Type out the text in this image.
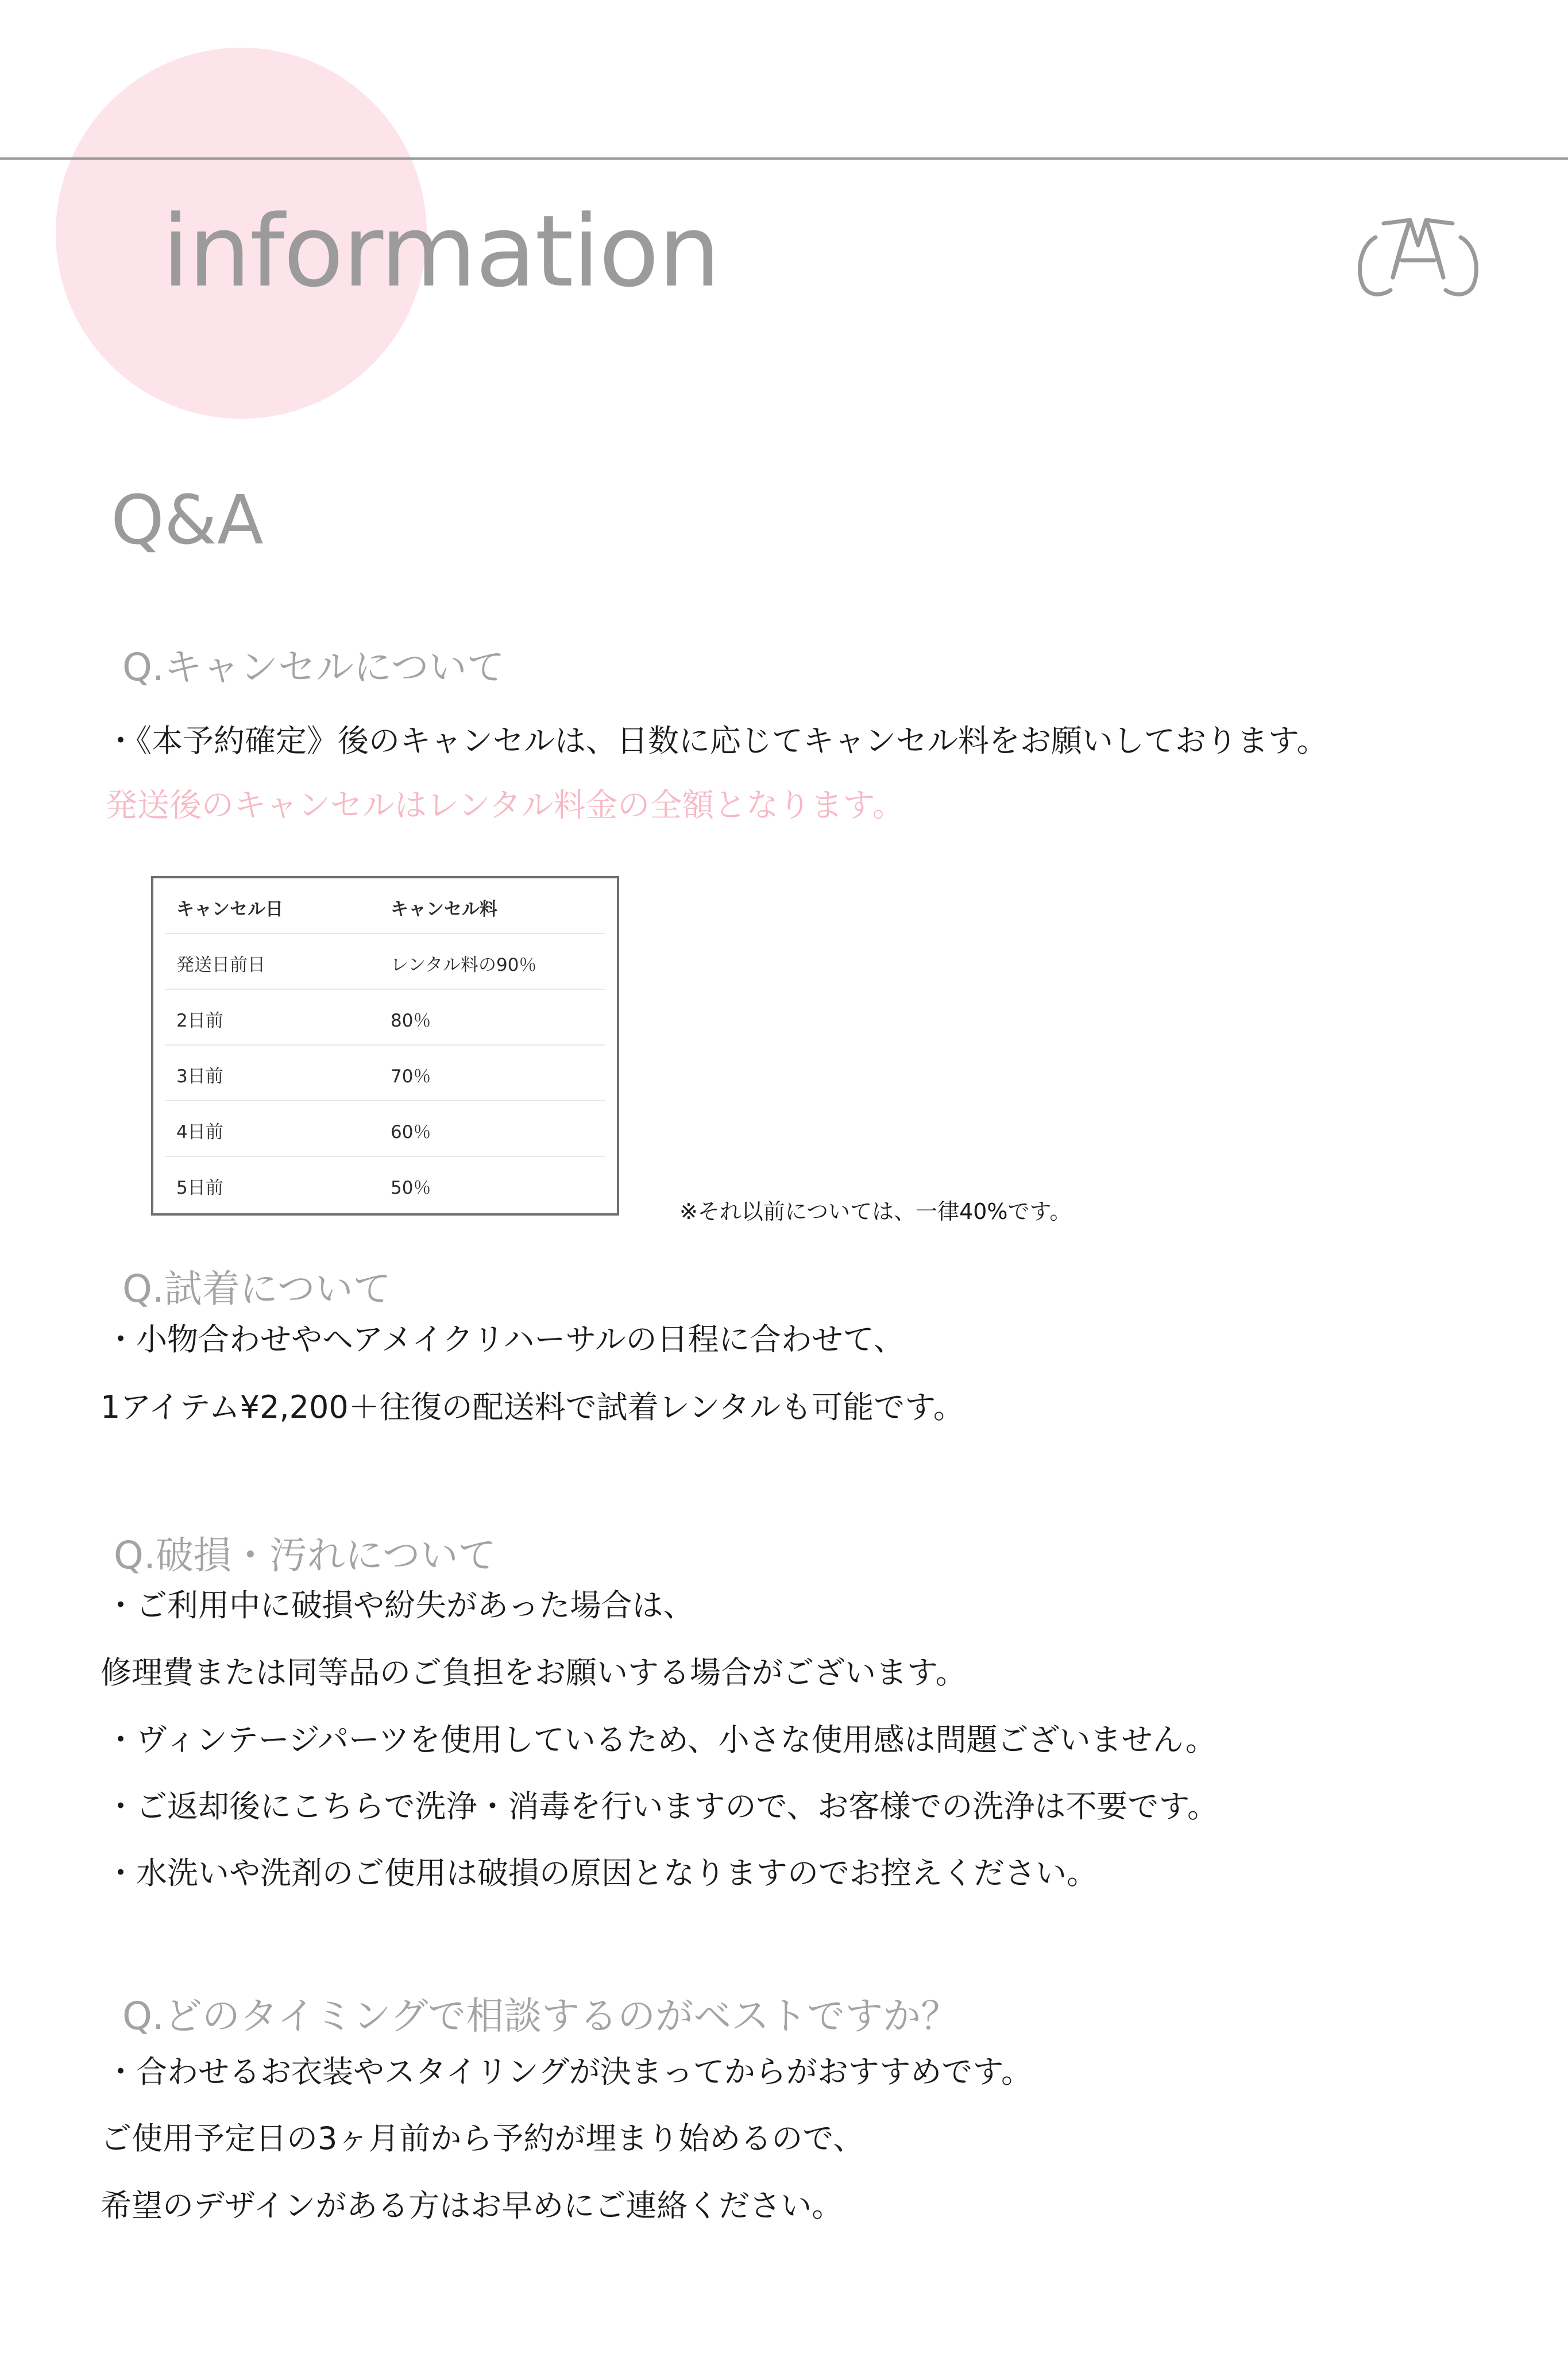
information
Q&A
Q.キャンセルについて
・《本予約確定》後のキャンセルは、日数に応じてキャンセル料をお願いしております。
発送後のキャンセルはレンタル料金の全額となります。
キャンセル日	キャンセル料
発送日前日	レンタル料の90％
2日前	80％
3日前	70％
4日前	60％
5日前	50％
※それ以前については、一律40%です。
Q.試着について
・小物合わせやヘアメイクリハーサルの日程に合わせて、
1アイテム¥2,200＋往復の配送料で試着レンタルも可能です。
Q.破損・汚れについて
・ご利用中に破損や紛失があった場合は、
修理費または同等品のご負担をお願いする場合がございます。
・ヴィンテージパーツを使用しているため、小さな使用感は問題ございません。
・ご返却後にこちらで洗浄・消毒を行いますので、お客様での洗浄は不要です。
・水洗いや洗剤のご使用は破損の原因となりますのでお控えください。
Q.どのタイミングで相談するのがベストですか？
・合わせるお衣装やスタイリングが決まってからがおすすめです。
ご使用予定日の3ヶ月前から予約が埋まり始めるので、
希望のデザインがある方はお早めにご連絡ください。
